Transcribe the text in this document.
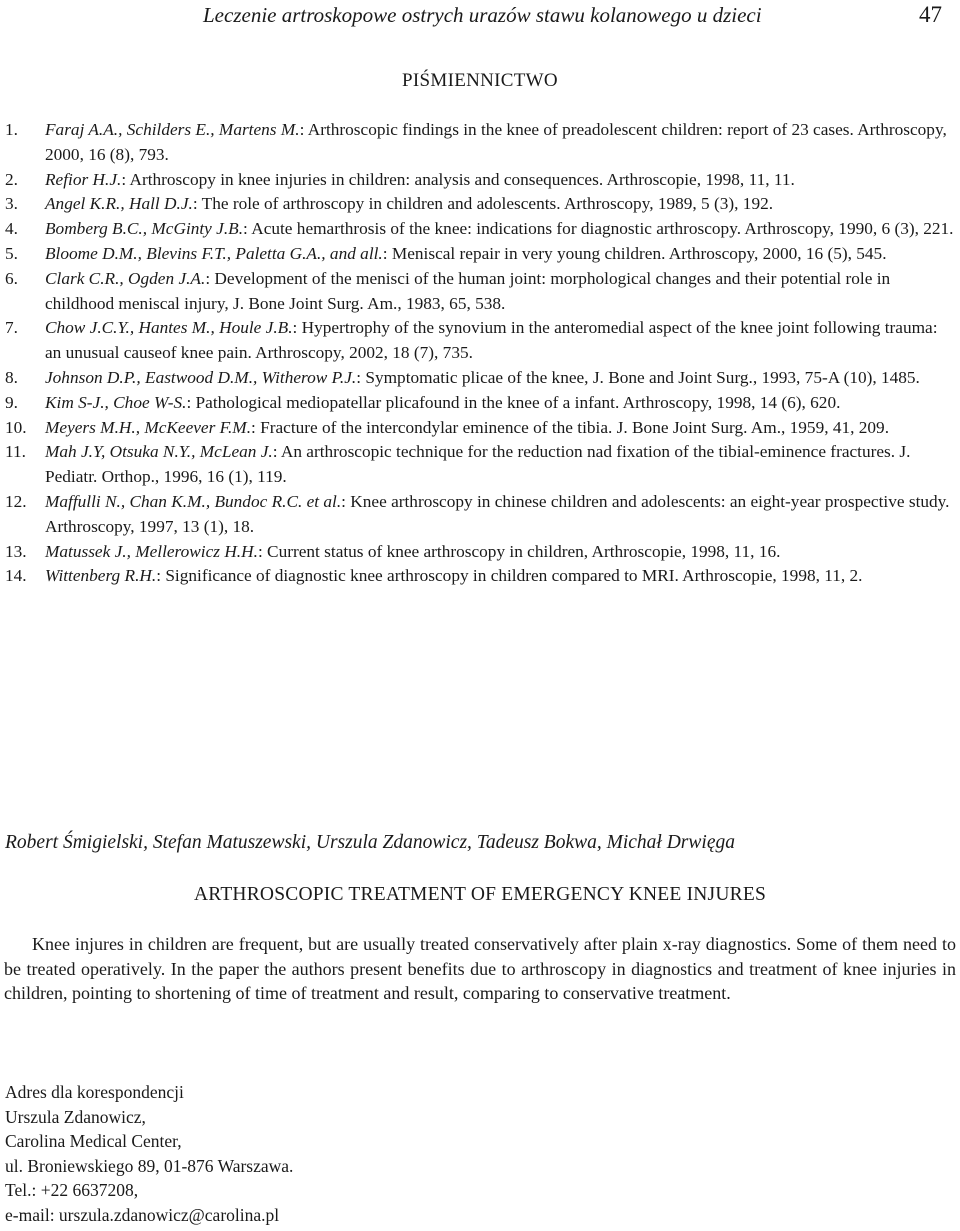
Leczenie artroskopowe ostrych urazów stawu kolanowego u dzieci	47
PIŚMIENNICTWO

1. Faraj A.A., Schilders E., Martens M.: Arthroscopic findings in the knee of preadolescent children: report of 23 cases. Arthroscopy, 2000, 16 (8), 793.

2. Refior H.J.: Arthroscopy in knee injuries in children: analysis and consequences. Arthroscopie, 1998, 11, 11.

3. Angel K.R., Hall D.J.: The role of arthroscopy in children and adolescents. Arthroscopy, 1989, 5 (3), 192.

4. Bomberg B.C., McGinty J.B.: Acute hemarthrosis of the knee: indications for diagnostic arthroscopy. Arthroscopy, 1990, 6 (3), 221.

5. Bloome D.M., Blevins F.T., Paletta G.A., and all.: Meniscal repair in very young children. Arthroscopy, 2000, 16 (5), 545.

6. Clark C.R., Ogden J.A.: Development of the menisci of the human joint: morphological changes and their potential role in childhood meniscal injury, J. Bone Joint Surg. Am., 1983, 65, 538.

7. Chow J.C.Y., Hantes M., Houle J.B.: Hypertrophy of the synovium in the anteromedial aspect of the knee joint following trauma: an unusual causeof knee pain. Arthroscopy, 2002, 18 (7), 735.

8. Johnson D.P., Eastwood D.M., Witherow P.J.: Symptomatic plicae of the knee, J. Bone and Joint Surg., 1993, 75-A (10), 1485.

9. Kim S-J., Choe W-S.: Pathological mediopatellar plicafound in the knee of a infant. Arthroscopy, 1998, 14 (6), 620.

10. Meyers M.H., McKeever F.M.: Fracture of the intercondylar eminence of the tibia. J. Bone Joint Surg. Am., 1959, 41, 209.

11. Mah J.Y, Otsuka N.Y., McLean J.: An arthroscopic technique for the reduction nad fixation of the tibial-eminence fractures. J. Pediatr. Orthop., 1996, 16 (1), 119.

12. Maffulli N., Chan K.M., Bundoc R.C. et al.: Knee arthroscopy in chinese children and adolescents: an eight-year prospective study. Arthroscopy, 1997, 13 (1), 18.

13. Matussek J., Mellerowicz H.H.: Current status of knee arthroscopy in children, Arthroscopie, 1998, 11, 16.

14. Wittenberg R.H.: Significance of diagnostic knee arthroscopy in children compared to MRI. Arthroscopie, 1998, 11, 2.

Robert Śmigielski, Stefan Matuszewski, Urszula Zdanowicz, Tadeusz Bokwa, Michał Drwięga
ARTHROSCOPIC TREATMENT OF EMERGENCY KNEE INJURES

Knee injures in children are frequent, but are usually treated conservatively after plain x-ray diagnostics. Some of them need to be treated operatively. In the paper the authors present benefits due to arthroscopy in diagnostics and treatment of knee injuries in children, pointing to shortening of time of treatment and result, comparing to conservative treatment.

Adres dla korespondencji
Urszula Zdanowicz,
Carolina Medical Center,
ul. Broniewskiego 89, 01-876 Warszawa.
Tel.: +22 6637208,
e-mail: urszula.zdanowicz@carolina.pl
